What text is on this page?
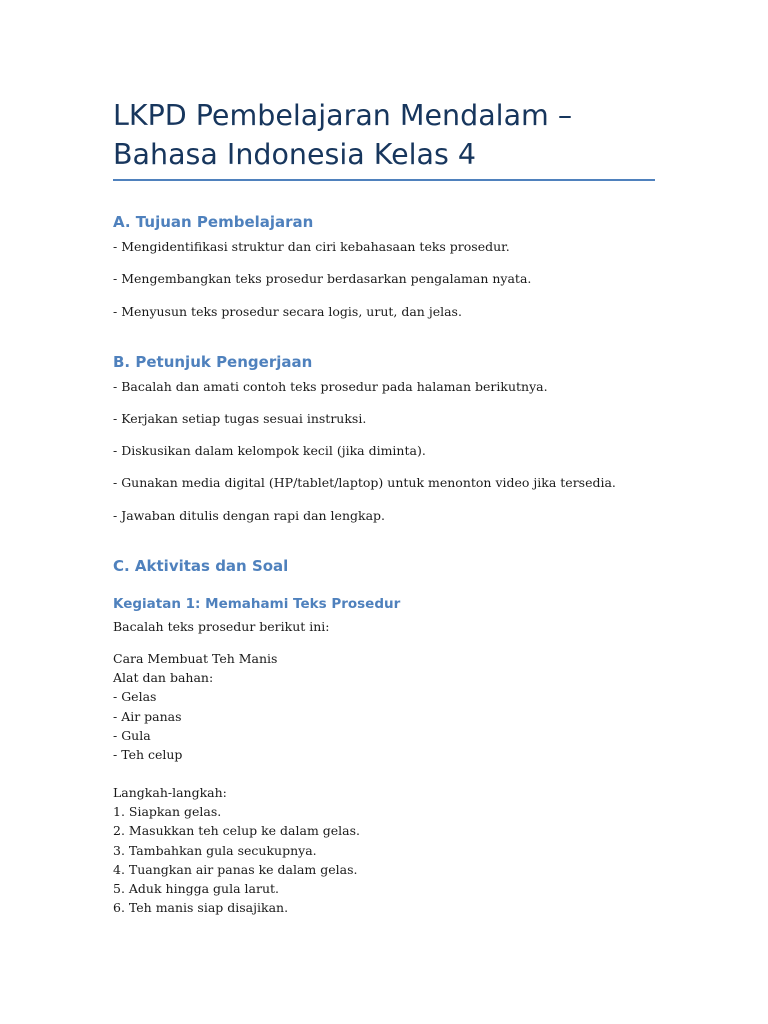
LKPD Pembelajaran Mendalam –
Bahasa Indonesia Kelas 4
A. Tujuan Pembelajaran

- Mengidentifikasi struktur dan ciri kebahasaan teks prosedur.

- Mengembangkan teks prosedur berdasarkan pengalaman nyata.

- Menyusun teks prosedur secara logis, urut, dan jelas.

B. Petunjuk Pengerjaan

- Bacalah dan amati contoh teks prosedur pada halaman berikutnya.

- Kerjakan setiap tugas sesuai instruksi.

- Diskusikan dalam kelompok kecil (jika diminta).

- Gunakan media digital (HP/tablet/laptop) untuk menonton video jika tersedia.

- Jawaban ditulis dengan rapi dan lengkap.

C. Aktivitas dan Soal
Kegiatan 1: Memahami Teks Prosedur

Bacalah teks prosedur berikut ini:

Cara Membuat Teh Manis
Alat dan bahan:
- Gelas
- Air panas
- Gula
- Teh celup
Langkah-langkah:
1. Siapkan gelas.
2. Masukkan teh celup ke dalam gelas.
3. Tambahkan gula secukupnya.
4. Tuangkan air panas ke dalam gelas.
5. Aduk hingga gula larut.
6. Teh manis siap disajikan.
